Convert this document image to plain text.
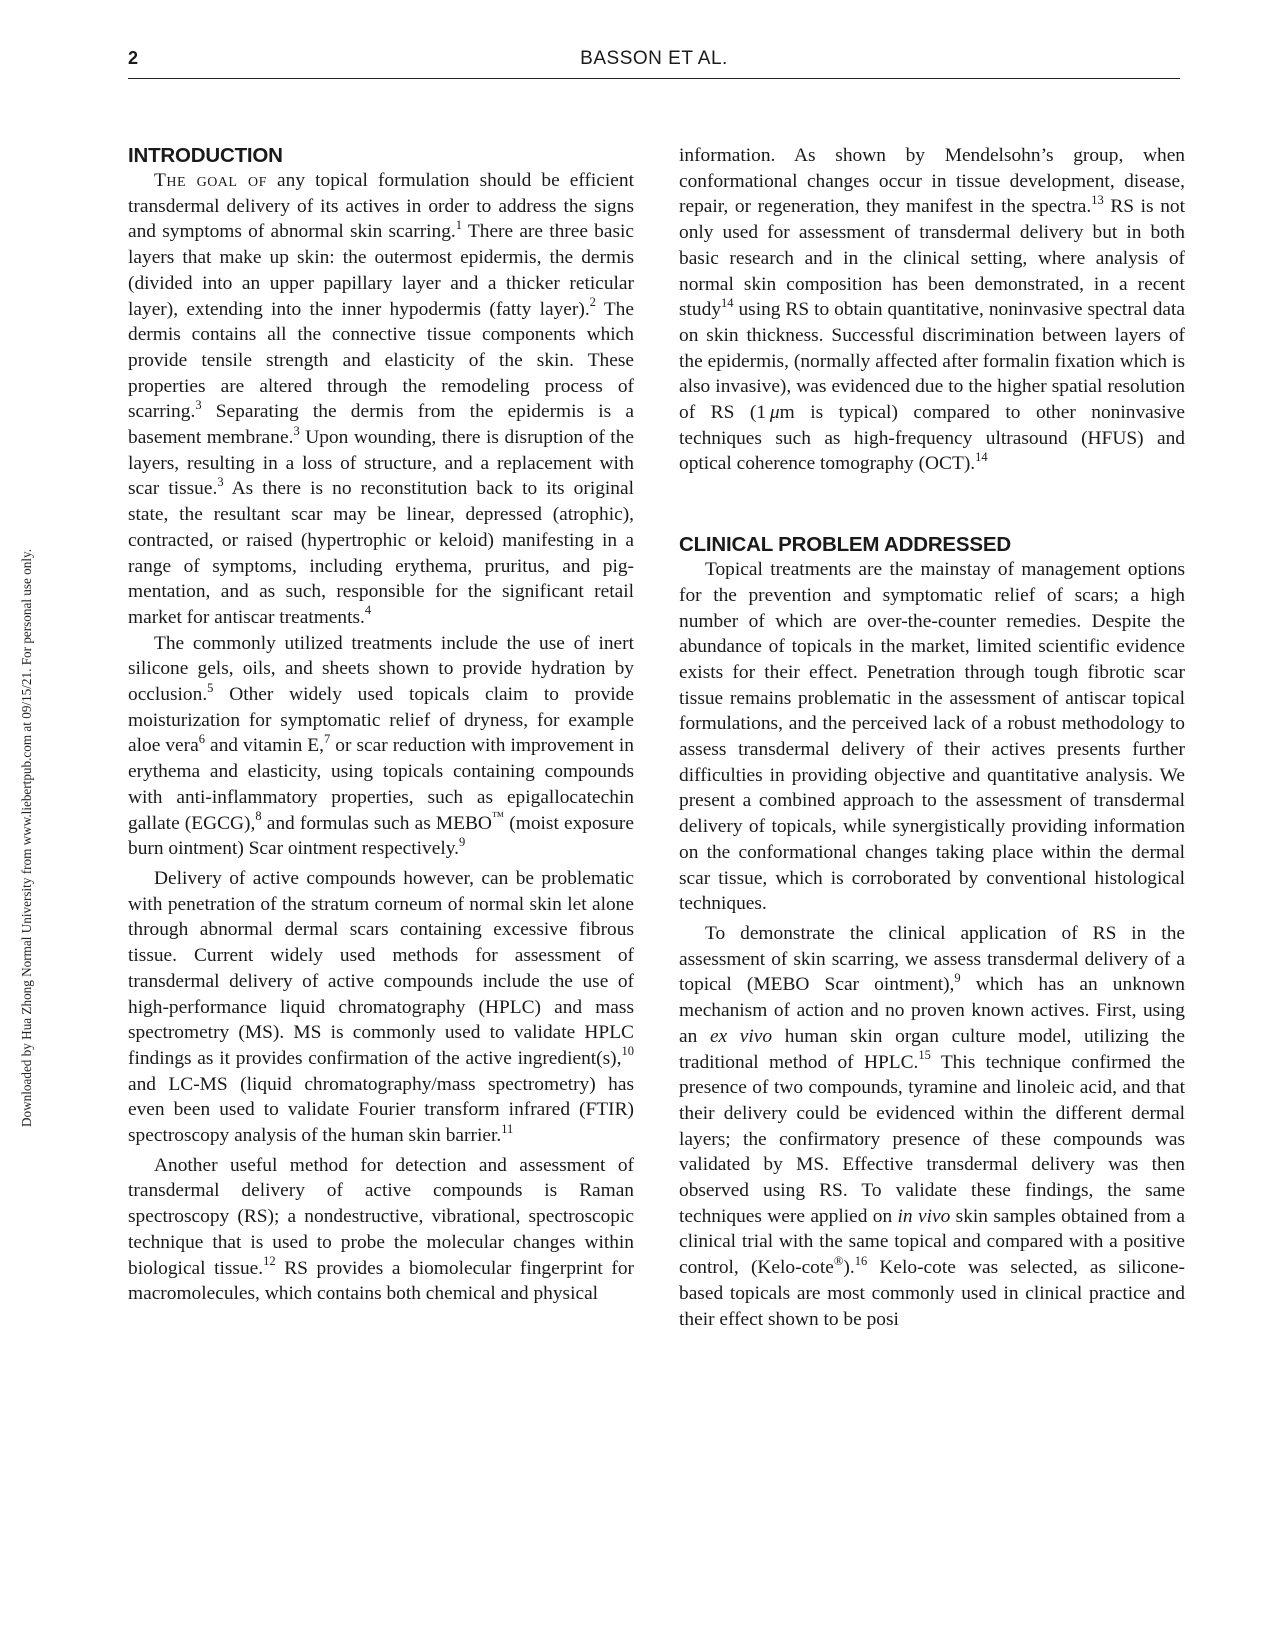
2	BASSON ET AL.
Downloaded by Hua Zhong Normal University from www.liebertpub.com at 09/15/21. For personal use only.
INTRODUCTION

The goal of any topical formulation should be efficient transdermal delivery of its actives in order to address the signs and symptoms of abnormal skin scarring.$^1$ There are three basic layers that make up skin: the outermost epidermis, the dermis (divided into an upper papillary layer and a thicker reticular layer), extending into the inner hypodermis (fatty layer).$^2$ The dermis contains all the connective tissue components which provide tensile strength and elasticity of the skin. These properties are altered through the remodeling process of scarring.$^3$ Separating the dermis from the epidermis is a basement membrane.$^3$ Upon wounding, there is disruption of the layers, resulting in a loss of structure, and a replacement with scar tissue.$^3$ As there is no reconstitution back to its original state, the resultant scar may be linear, depressed (atrophic), contracted, or raised (hypertrophic or keloid) manifesting in a range of symptoms, including erythema, pruritus, and pigmentation, and as such, responsible for the significant retail market for antiscar treatments.$^4$

The commonly utilized treatments include the use of inert silicone gels, oils, and sheets shown to provide hydration by occlusion.$^5$ Other widely used topicals claim to provide moisturization for symptomatic relief of dryness, for example aloe vera$^6$ and vitamin E,$^7$ or scar reduction with improvement in erythema and elasticity, using topicals containing compounds with anti-inflammatory properties, such as epigallocatechin gallate (EGCG),$^8$ and formulas such as MEBO™ (moist exposure burn ointment) Scar ointment respectively.$^9$

Delivery of active compounds however, can be problematic with penetration of the stratum corneum of normal skin let alone through abnormal dermal scars containing excessive fibrous tissue. Current widely used methods for assessment of transdermal delivery of active compounds include the use of high-performance liquid chromatography (HPLC) and mass spectrometry (MS). MS is commonly used to validate HPLC findings as it provides confirmation of the active ingredient(s),$^{10}$ and LC-MS (liquid chromatography/mass spectrometry) has even been used to validate Fourier transform infrared (FTIR) spectroscopy analysis of the human skin barrier.$^{11}$

Another useful method for detection and assessment of transdermal delivery of active compounds is Raman spectroscopy (RS); a nondestructive, vibrational, spectroscopic technique that is used to probe the molecular changes within biological tissue.$^{12}$ RS provides a biomolecular fingerprint for macromolecules, which contains both chemical and physical

information. As shown by Mendelsohn’s group, when conformational changes occur in tissue development, disease, repair, or regeneration, they manifest in the spectra.$^{13}$ RS is not only used for assessment of transdermal delivery but in both basic research and in the clinical setting, where analysis of normal skin composition has been demonstrated, in a recent study$^{14}$ using RS to obtain quantitative, noninvasive spectral data on skin thickness. Successful discrimination between layers of the epidermis, (normally affected after formalin fixation which is also invasive), was evidenced due to the higher spatial resolution of RS (1 μm is typical) compared to other noninvasive techniques such as high-frequency ultrasound (HFUS) and optical coherence tomography (OCT).$^{14}$

CLINICAL PROBLEM ADDRESSED

Topical treatments are the mainstay of management options for the prevention and symptomatic relief of scars; a high number of which are over-the-counter remedies. Despite the abundance of topicals in the market, limited scientific evidence exists for their effect. Penetration through tough fibrotic scar tissue remains problematic in the assessment of antiscar topical formulations, and the perceived lack of a robust methodology to assess transdermal delivery of their actives presents further difficulties in providing objective and quantitative analysis. We present a combined approach to the assessment of transdermal delivery of topicals, while synergistically providing information on the conformational changes taking place within the dermal scar tissue, which is corroborated by conventional histological techniques.

To demonstrate the clinical application of RS in the assessment of skin scarring, we assess transdermal delivery of a topical (MEBO Scar ointment),$^9$ which has an unknown mechanism of action and no proven known actives. First, using an ex vivo human skin organ culture model, utilizing the traditional method of HPLC.$^{15}$ This technique confirmed the presence of two compounds, tyramine and linoleic acid, and that their delivery could be evidenced within the different dermal layers; the confirmatory presence of these compounds was validated by MS. Effective transdermal delivery was then observed using RS. To validate these findings, the same techniques were applied on in vivo skin samples obtained from a clinical trial with the same topical and compared with a positive control, (Kelo-cote®).$^{16}$ Kelo-cote was selected, as silicone-based topicals are most commonly used in clinical practice and their effect shown to be posi
